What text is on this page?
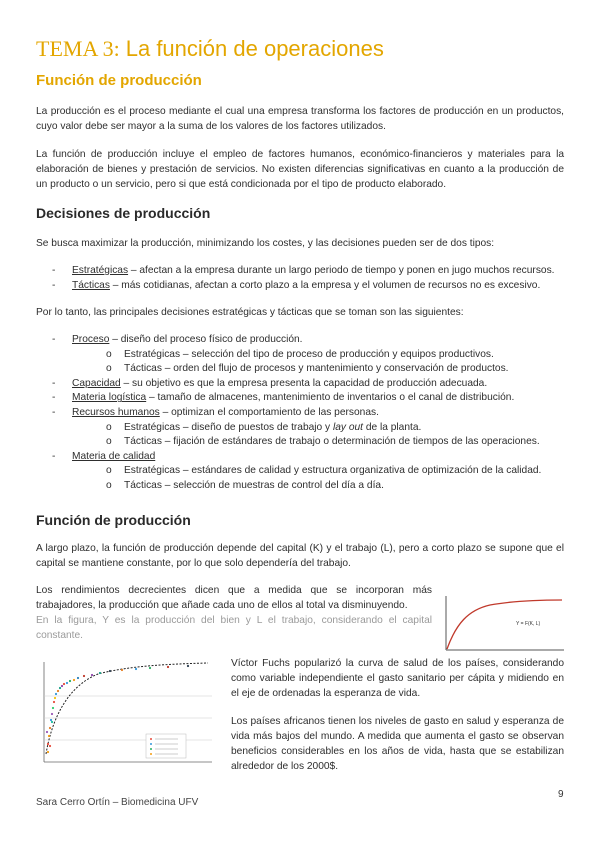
TEMA 3: La función de operaciones
Función de producción

La producción es el proceso mediante el cual una empresa transforma los factores de producción en un productos, cuyo valor debe ser mayor a la suma de los valores de los factores utilizados.

La función de producción incluye el empleo de factores humanos, económico-financieros y materiales para la elaboración de bienes y prestación de servicios. No existen diferencias significativas en cuanto a la producción de un producto o un servicio, pero si que está condicionada por el tipo de producto elaborado.

Decisiones de producción

Se busca maximizar la producción, minimizando los costes, y las decisiones pueden ser de dos tipos:

- Estratégicas – afectan a la empresa durante un largo periodo de tiempo y ponen en jugo muchos recursos.
- Tácticas – más cotidianas, afectan a corto plazo a la empresa y el volumen de recursos no es excesivo.

Por lo tanto, las principales decisiones estratégicas y tácticas que se toman son las siguientes:

- Proceso – diseño del proceso físico de producción.
o Estratégicas – selección del tipo de proceso de producción y equipos productivos.
o Tácticas – orden del flujo de procesos y mantenimiento y conservación de productos.
- Capacidad – su objetivo es que la empresa presenta la capacidad de producción adecuada.
- Materia logística – tamaño de almacenes, mantenimiento de inventarios o el canal de distribución.
- Recursos humanos – optimizan el comportamiento de las personas.
o Estratégicas – diseño de puestos de trabajo y lay out de la planta.
o Tácticas – fijación de estándares de trabajo o determinación de tiempos de las operaciones.
- Materia de calidad
o Estratégicas – estándares de calidad y estructura organizativa de optimización de la calidad.
o Tácticas – selección de muestras de control del día a día.
Función de producción

A largo plazo, la función de producción depende del capital (K) y el trabajo (L), pero a corto plazo se supone que el capital se mantiene constante, por lo que solo dependería del trabajo.

Los rendimientos decrecientes dicen que a medida que se incorporan más trabajadores, la producción que añade cada uno de ellos al total va disminuyendo.

En la figura, Y es la producción del bien y L el trabajo, considerando el capital constante.

Y = F(K, L)

Víctor Fuchs popularizó la curva de salud de los países, considerando como variable independiente el gasto sanitario per cápita y midiendo en el eje de ordenadas la esperanza de vida.

Los países africanos tienen los niveles de gasto en salud y esperanza de vida más bajos del mundo. A medida que aumenta el gasto se observan beneficios considerables en los años de vida, hasta que se estabilizan alrededor de los 2000$.

9
Sara Cerro Ortín – Biomedicina UFV
